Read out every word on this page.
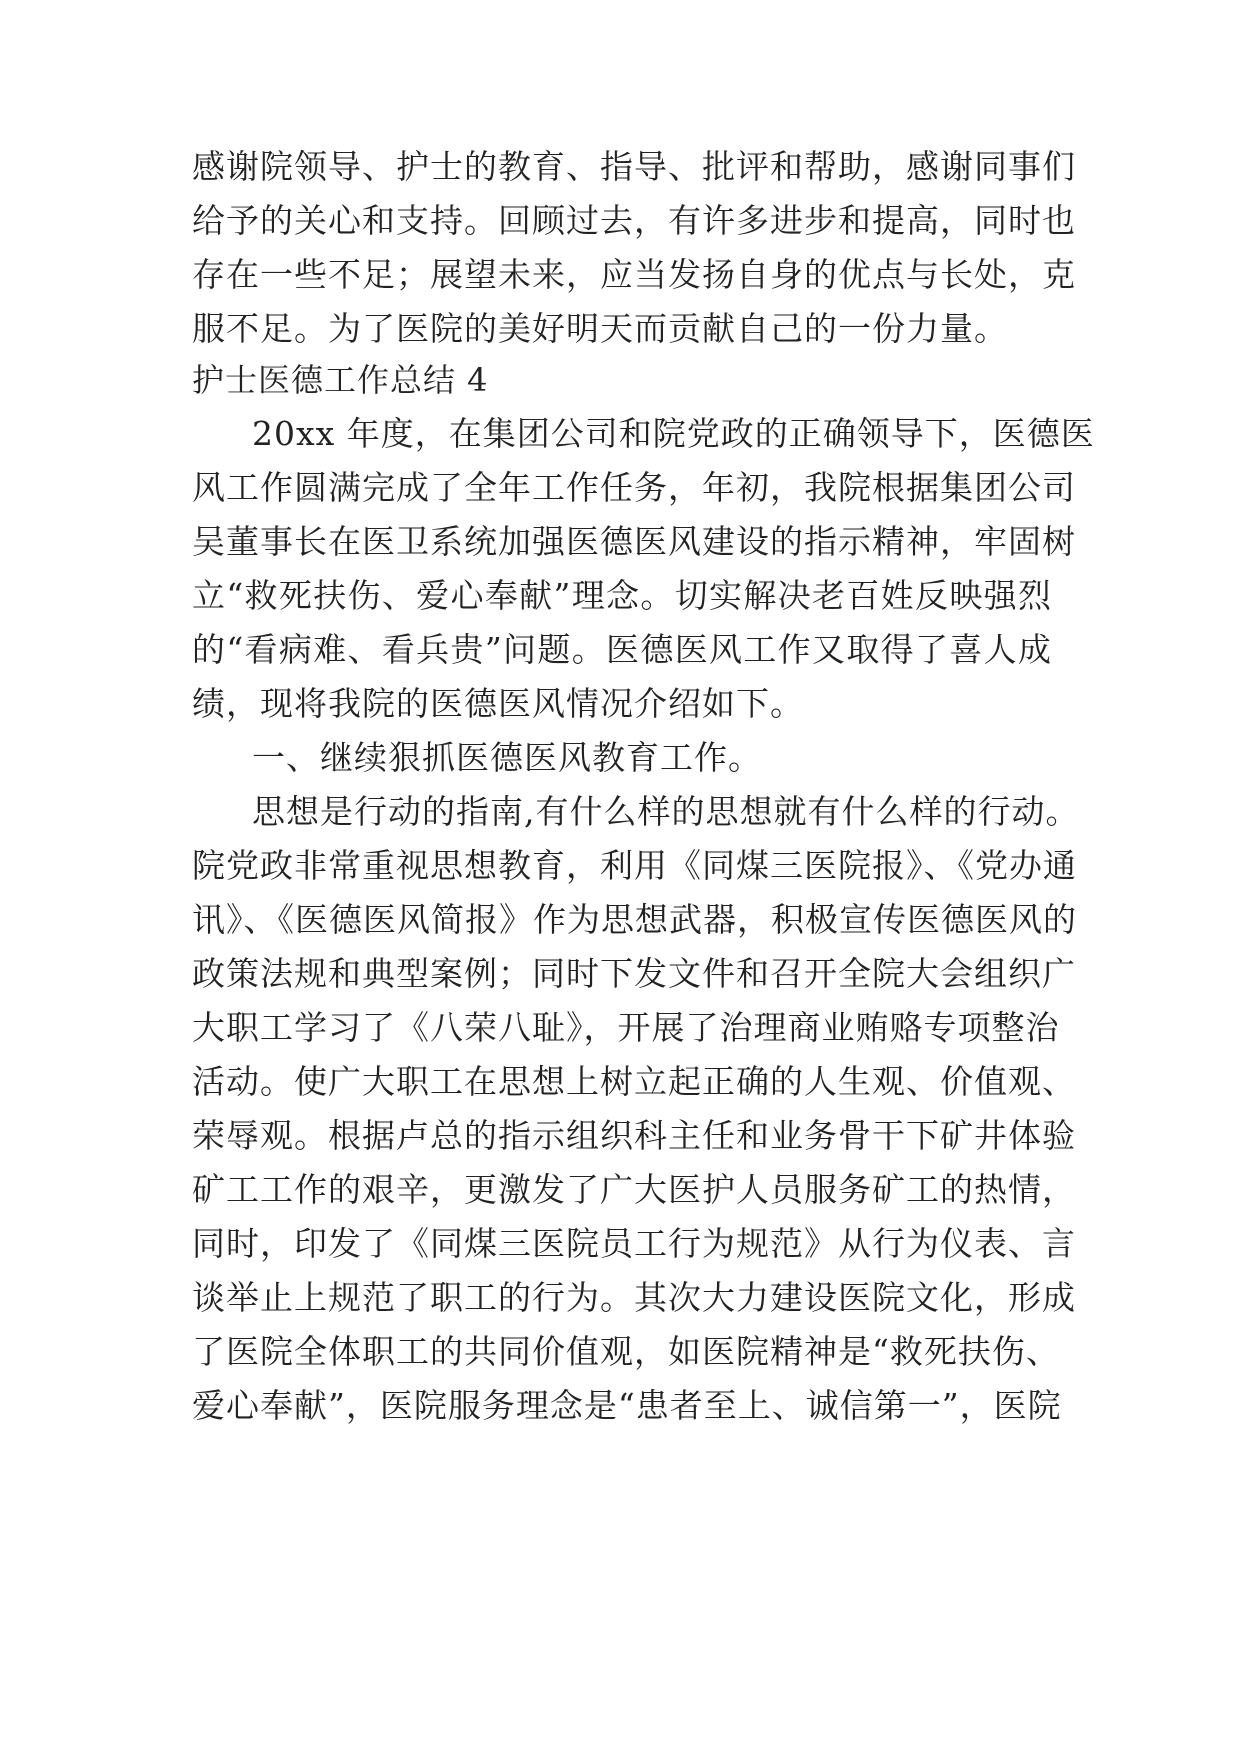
感谢院领导、护士的教育、指导、批评和帮助，感谢同事们
给予的关心和支持。回顾过去，有许多进步和提高，同时也
存在一些不足；展望未来，应当发扬自身的优点与长处，克
服不足。为了医院的美好明天而贡献自己的一份力量。
护士医德工作总结 4
20xx 年度，在集团公司和院党政的正确领导下，医德医
风工作圆满完成了全年工作任务，年初，我院根据集团公司
吴董事长在医卫系统加强医德医风建设的指示精神，牢固树
立“救死扶伤、爱心奉献”理念。切实解决老百姓反映强烈
的“看病难、看兵贵”问题。医德医风工作又取得了喜人成
绩，现将我院的医德医风情况介绍如下。
一、继续狠抓医德医风教育工作。
思想是行动的指南,有什么样的思想就有什么样的行动。
院党政非常重视思想教育，利用《同煤三医院报》、《党办通
讯》、《医德医风简报》作为思想武器，积极宣传医德医风的
政策法规和典型案例；同时下发文件和召开全院大会组织广
大职工学习了《八荣八耻》，开展了治理商业贿赂专项整治
活动。使广大职工在思想上树立起正确的人生观、价值观、
荣辱观。根据卢总的指示组织科主任和业务骨干下矿井体验
矿工工作的艰辛，更激发了广大医护人员服务矿工的热情，
同时，印发了《同煤三医院员工行为规范》从行为仪表、言
谈举止上规范了职工的行为。其次大力建设医院文化，形成
了医院全体职工的共同价值观，如医院精神是“救死扶伤、
爱心奉献”，医院服务理念是“患者至上、诚信第一”，医院
